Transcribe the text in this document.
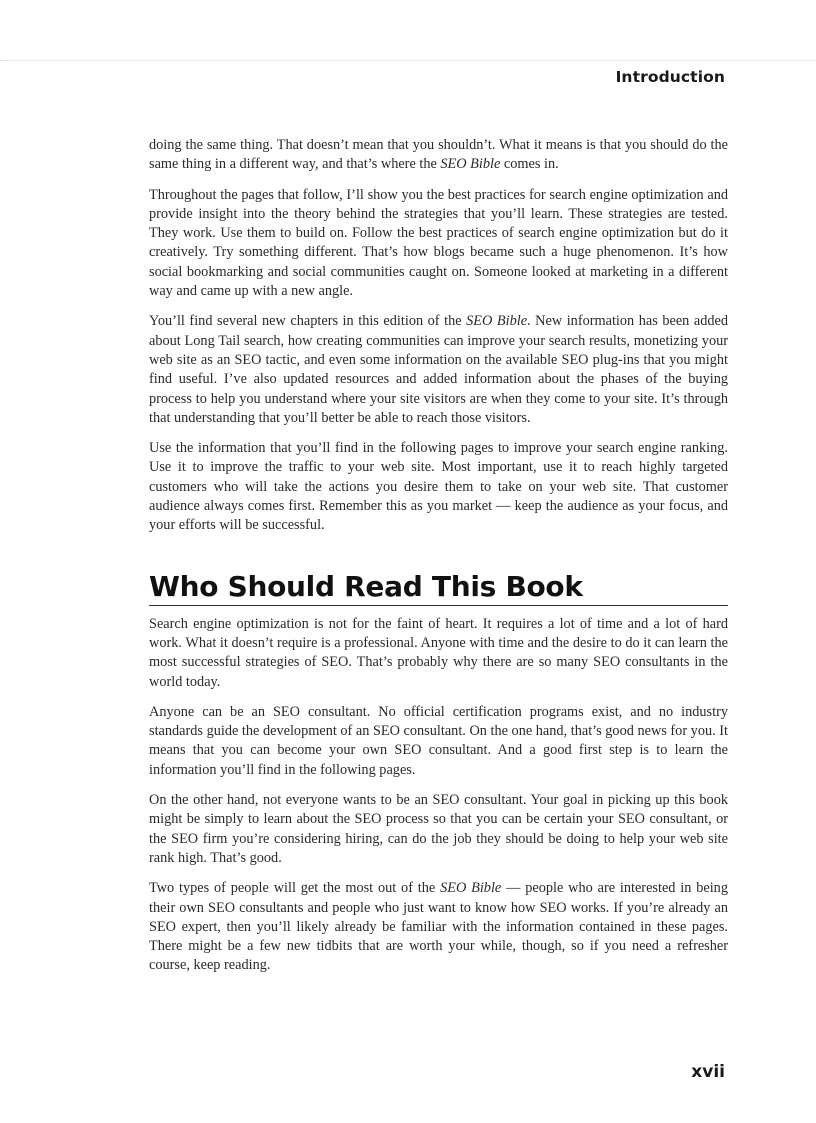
Introduction

doing the same thing. That doesn’t mean that you shouldn’t. What it means is that you should do the same thing in a different way, and that’s where the SEO Bible comes in.

Throughout the pages that follow, I’ll show you the best practices for search engine optimization and provide insight into the theory behind the strategies that you’ll learn. These strategies are tested. They work. Use them to build on. Follow the best practices of search engine optimization but do it creatively. Try something different. That’s how blogs became such a huge phenomenon. It’s how social bookmarking and social communities caught on. Someone looked at marketing in a different way and came up with a new angle.

You’ll find several new chapters in this edition of the SEO Bible. New information has been added about Long Tail search, how creating communities can improve your search results, monetizing your web site as an SEO tactic, and even some information on the available SEO plug-ins that you might find useful. I’ve also updated resources and added information about the phases of the buying process to help you understand where your site visitors are when they come to your site. It’s through that understanding that you’ll better be able to reach those visitors.

Use the information that you’ll find in the following pages to improve your search engine ranking. Use it to improve the traffic to your web site. Most important, use it to reach highly targeted customers who will take the actions you desire them to take on your web site. That customer audience always comes first. Remember this as you market — keep the audience as your focus, and your efforts will be successful.

Who Should Read This Book

Search engine optimization is not for the faint of heart. It requires a lot of time and a lot of hard work. What it doesn’t require is a professional. Anyone with time and the desire to do it can learn the most successful strategies of SEO. That’s probably why there are so many SEO consultants in the world today.

Anyone can be an SEO consultant. No official certification programs exist, and no industry standards guide the development of an SEO consultant. On the one hand, that’s good news for you. It means that you can become your own SEO consultant. And a good first step is to learn the information you’ll find in the following pages.

On the other hand, not everyone wants to be an SEO consultant. Your goal in picking up this book might be simply to learn about the SEO process so that you can be certain your SEO consultant, or the SEO firm you’re considering hiring, can do the job they should be doing to help your web site rank high. That’s good.

Two types of people will get the most out of the SEO Bible — people who are interested in being their own SEO consultants and people who just want to know how SEO works. If you’re already an SEO expert, then you’ll likely already be familiar with the information contained in these pages. There might be a few new tidbits that are worth your while, though, so if you need a refresher course, keep reading.

xvii
